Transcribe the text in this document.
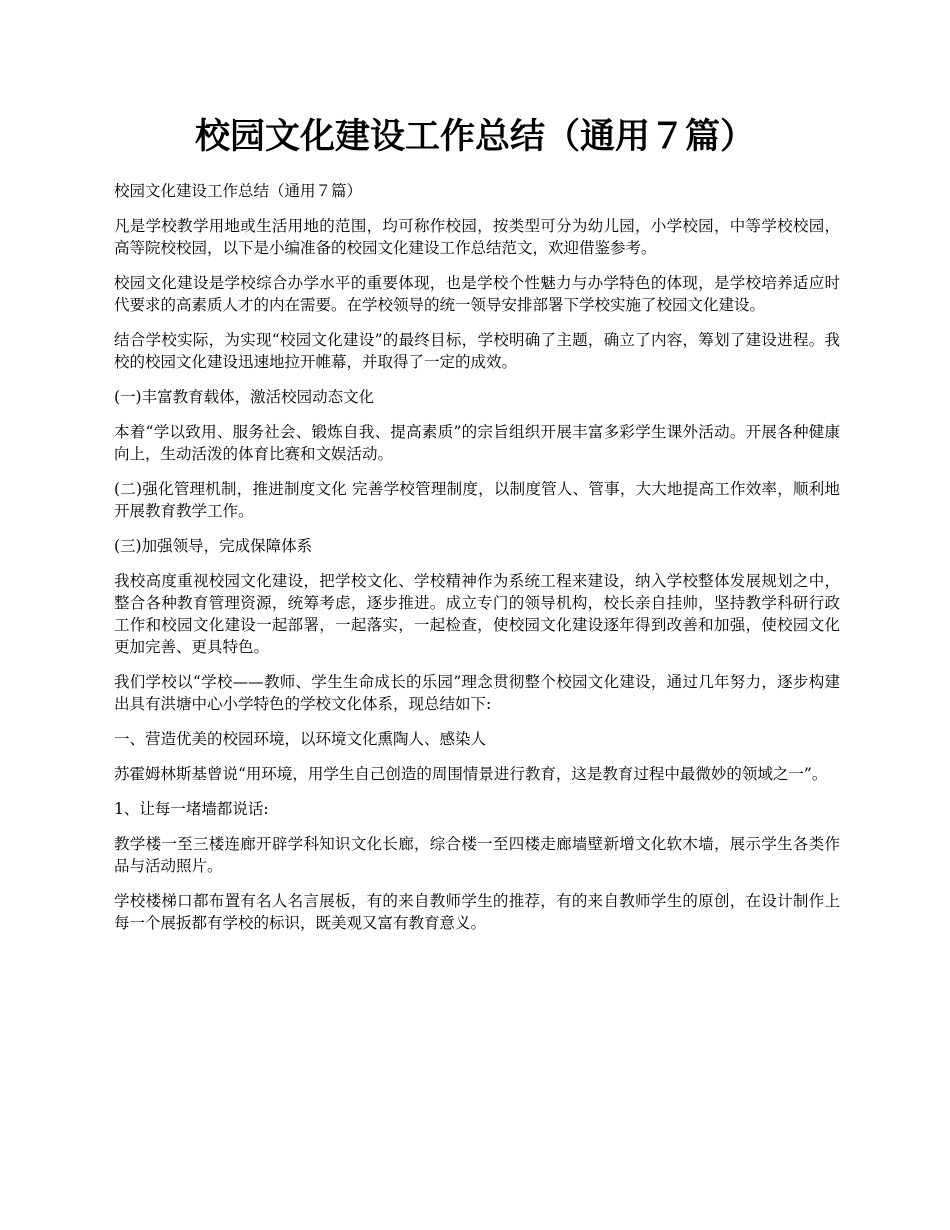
校园文化建设工作总结（通用７篇）

校园文化建设工作总结（通用７篇）

凡是学校教学用地或生活用地的范围，均可称作校园，按类型可分为幼儿园，小学校园，中等学校校园，高等院校校园，以下是小编准备的校园文化建设工作总结范文，欢迎借鉴参考。

校园文化建设是学校综合办学水平的重要体现，也是学校个性魅力与办学特色的体现，是学校培养适应时代要求的高素质人才的内在需要。在学校领导的统一领导安排部署下学校实施了校园文化建设。

结合学校实际，为实现“校园文化建设”的最终目标，学校明确了主题，确立了内容，筹划了建设进程。我校的校园文化建设迅速地拉开帷幕，并取得了一定的成效。

(一)丰富教育载体，激活校园动态文化

本着“学以致用、服务社会、锻炼自我、提高素质”的宗旨组织开展丰富多彩学生课外活动。开展各种健康向上，生动活泼的体育比赛和文娱活动。

(二)强化管理机制，推进制度文化 完善学校管理制度，以制度管人、管事，大大地提高工作效率，顺利地开展教育教学工作。

(三)加强领导，完成保障体系

我校高度重视校园文化建设，把学校文化、学校精神作为系统工程来建设，纳入学校整体发展规划之中，整合各种教育管理资源，统筹考虑，逐步推进。成立专门的领导机构，校长亲自挂帅，坚持教学科研行政工作和校园文化建设一起部署，一起落实，一起检查，使校园文化建设逐年得到改善和加强，使校园文化更加完善、更具特色。

我们学校以“学校——教师、学生生命成长的乐园”理念贯彻整个校园文化建设，通过几年努力，逐步构建出具有洪塘中心小学特色的学校文化体系，现总结如下:

一、营造优美的校园环境，以环境文化熏陶人、感染人

苏霍姆林斯基曾说“用环境，用学生自己创造的周围情景进行教育，这是教育过程中最微妙的领域之一”。

1、让每一堵墙都说话:

教学楼一至三楼连廊开辟学科知识文化长廊，综合楼一至四楼走廊墙壁新增文化软木墙，展示学生各类作品与活动照片。

学校楼梯口都布置有名人名言展板，有的来自教师学生的推荐，有的来自教师学生的原创，在设计制作上每一个展扳都有学校的标识，既美观又富有教育意义。
